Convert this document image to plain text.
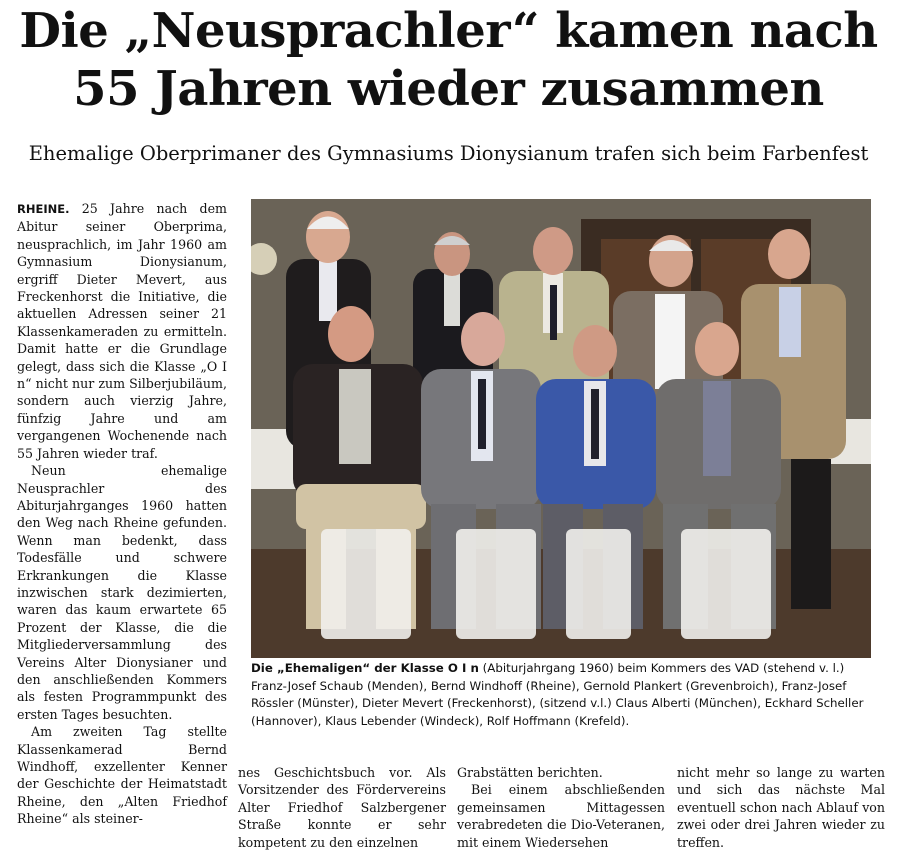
Die „Neusprachler“ kamen nach
55 Jahren wieder zusammen

Ehemalige Oberprimaner des Gymnasiums Dionysianum trafen sich beim Farbenfest

RHEINE. 25 Jahre nach dem Abitur seiner Oberprima, neusprachlich, im Jahr 1960 am Gymnasium Dionysianum, ergriff Dieter Mevert, aus Freckenhorst die Initiative, die aktuellen Adressen seiner 21 Klassenkameraden zu ermitteln. Damit hatte er die Grundlage gelegt, dass sich die Klasse „O I n“ nicht nur zum Silberjubiläum, sondern auch vierzig Jahre, fünfzig Jahre und am vergangenen Wochenende nach 55 Jahren wieder traf.

Neun ehemalige Neusprachler des Abiturjahrganges 1960 hatten den Weg nach Rheine gefunden. Wenn man bedenkt, dass Todesfälle und schwere Erkrankungen die Klasse inzwischen stark dezimierten, waren das kaum erwartete 65 Prozent der Klasse, die die Mitgliederversammlung des Vereins Alter Dionysianer und den anschließenden Kommers als festen Programmpunkt des ersten Tages besuchten.

Am zweiten Tag stellte Klassenkamerad Bernd Windhoff, exzellenter Kenner der Geschichte der Heimatstadt Rheine, den „Alten Friedhof Rheine“ als steiner-

Die „Ehemaligen“ der Klasse O I n (Abiturjahrgang 1960) beim Kommers des VAD (stehend v. l.) Franz-Josef Schaub (Menden), Bernd Windhoff (Rheine), Gernold Plankert (Grevenbroich), Franz-Josef Rössler (Münster), Dieter Mevert (Freckenhorst), (sitzend v.l.) Claus Alberti (München), Eckhard Scheller (Hannover), Klaus Lebender (Windeck), Rolf Hoffmann (Krefeld).

nes Geschichtsbuch vor. Als Vorsitzender des Fördervereins Alter Friedhof Salzbergener Straße konnte er sehr kompetent zu den einzelnen

Grabstätten berichten.

Bei einem abschließenden gemeinsamen Mittagessen verabredeten die Dio-Veteranen, mit einem Wiedersehen

nicht mehr so lange zu warten und sich das nächste Mal eventuell schon nach Ablauf von zwei oder drei Jahren wieder zu treffen.
